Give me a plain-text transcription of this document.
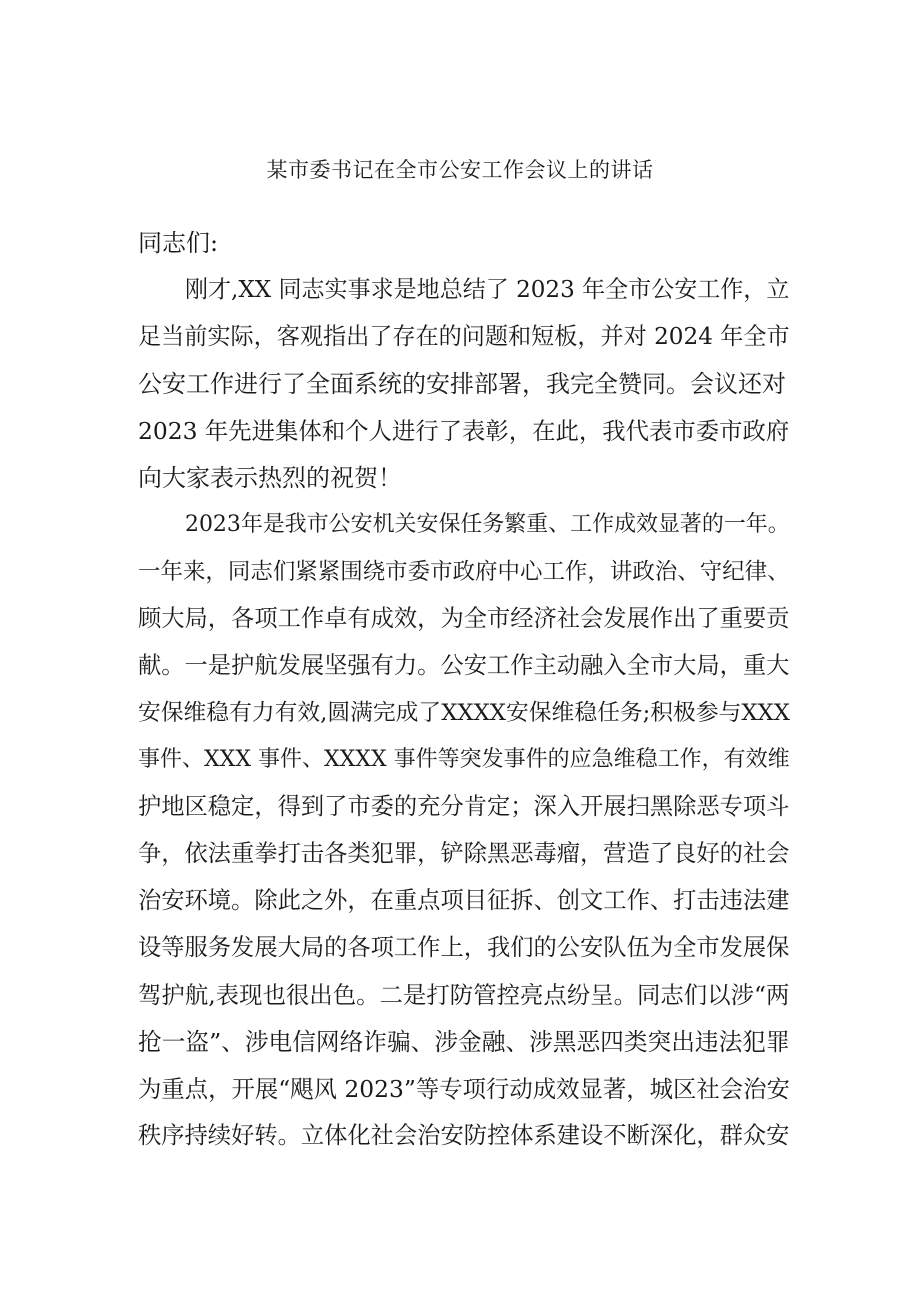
某市委书记在全市公安工作会议上的讲话
同志们:
刚才,XX 同志实事求是地总结了 2023 年全市公安工作，立
足当前实际，客观指出了存在的问题和短板，并对 2024 年全市
公安工作进行了全面系统的安排部署，我完全赞同。会议还对
2023 年先进集体和个人进行了表彰，在此，我代表市委市政府
向大家表示热烈的祝贺！
2023年是我市公安机关安保任务繁重、工作成效显著的一年。
一年来，同志们紧紧围绕市委市政府中心工作，讲政治、守纪律、
顾大局，各项工作卓有成效，为全市经济社会发展作出了重要贡
献。一是护航发展坚强有力。公安工作主动融入全市大局，重大
安保维稳有力有效,圆满完成了XXXX安保维稳任务;积极参与XXX
事件、XXX 事件、XXXX 事件等突发事件的应急维稳工作，有效维
护地区稳定，得到了市委的充分肯定；深入开展扫黑除恶专项斗
争，依法重拳打击各类犯罪，铲除黑恶毒瘤，营造了良好的社会
治安环境。除此之外，在重点项目征拆、创文工作、打击违法建
设等服务发展大局的各项工作上，我们的公安队伍为全市发展保
驾护航,表现也很出色。二是打防管控亮点纷呈。同志们以涉“两
抢一盗”、涉电信网络诈骗、涉金融、涉黑恶四类突出违法犯罪
为重点，开展“飓风 2023”等专项行动成效显著，城区社会治安
秩序持续好转。立体化社会治安防控体系建设不断深化，群众安
